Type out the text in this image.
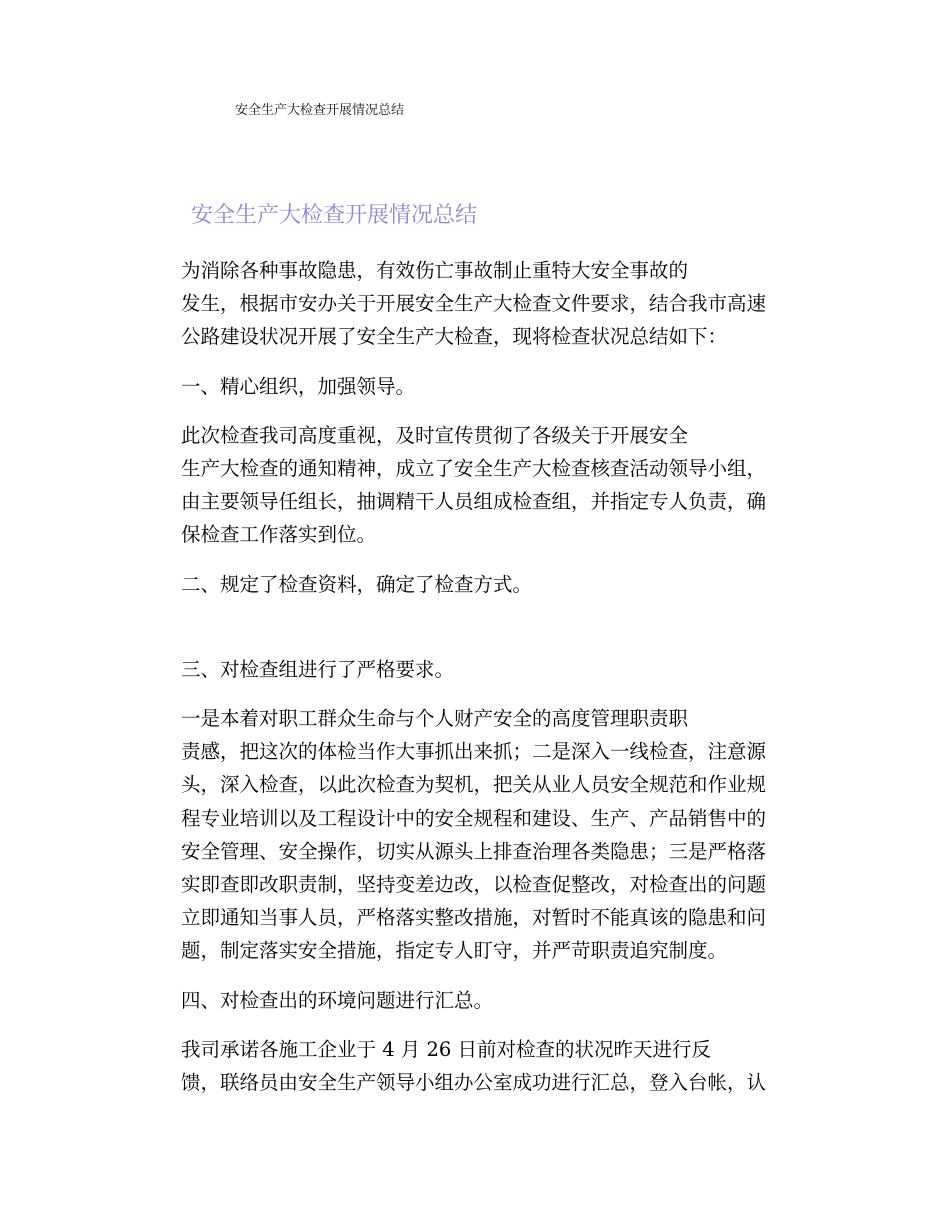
安全生产大检查开展情况总结
安全生产大检查开展情况总结

为消除各种事故隐患，有效伤亡事故制止重特大安全事故的
发生，根据市安办关于开展安全生产大检查文件要求，结合我市高速
公路建设状况开展了安全生产大检查，现将检查状况总结如下：

一、精心组织，加强领导。

此次检查我司高度重视，及时宣传贯彻了各级关于开展安全
生产大检查的通知精神，成立了安全生产大检查核查活动领导小组，
由主要领导任组长，抽调精干人员组成检查组，并指定专人负责，确
保检查工作落实到位。

二、规定了检查资料，确定了检查方式。

三、对检查组进行了严格要求。

一是本着对职工群众生命与个人财产安全的高度管理职责职
责感，把这次的体检当作大事抓出来抓；二是深入一线检查，注意源
头，深入检查，以此次检查为契机，把关从业人员安全规范和作业规
程专业培训以及工程设计中的安全规程和建设、生产、产品销售中的
安全管理、安全操作，切实从源头上排查治理各类隐患；三是严格落
实即查即改职责制，坚持变差边改，以检查促整改，对检查出的问题
立即通知当事人员，严格落实整改措施，对暂时不能真该的隐患和问
题，制定落实安全措施，指定专人盯守，并严苛职责追究制度。

四、对检查出的环境问题进行汇总。

我司承诺各施工企业于 4 月 26 日前对检查的状况昨天进行反
馈，联络员由安全生产领导小组办公室成功进行汇总，登入台帐，认
